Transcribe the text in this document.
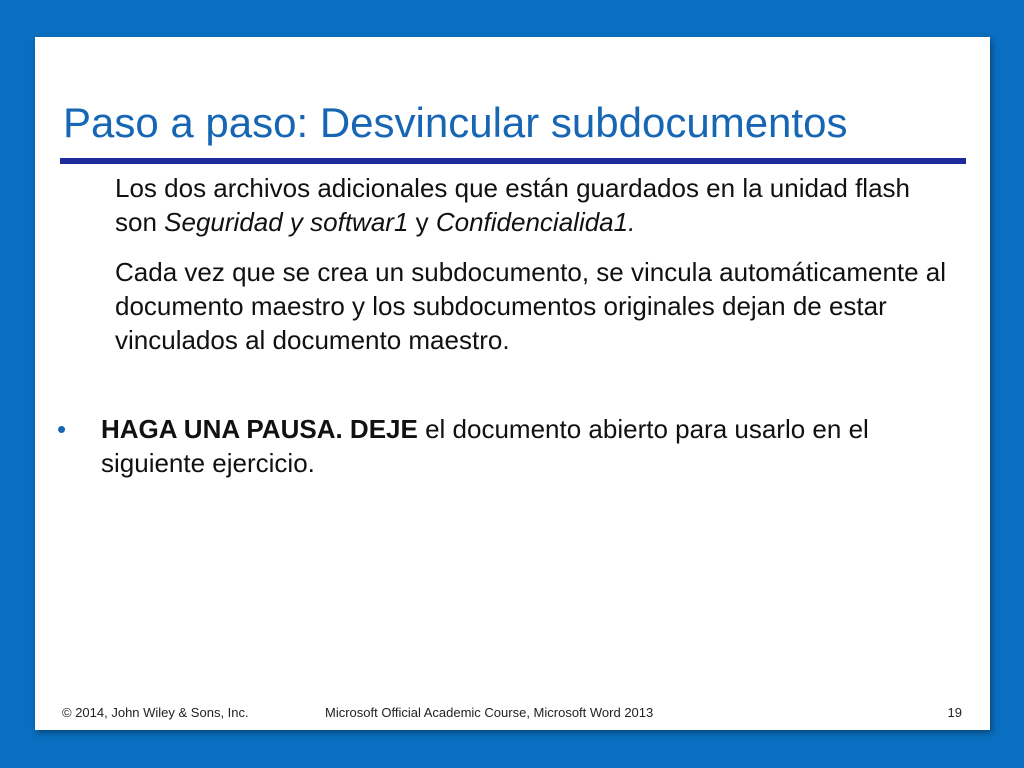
Paso a paso: Desvincular subdocumentos

Los dos archivos adicionales que están guardados en la unidad flash son Seguridad y softwar1 y Confidencialida1.

Cada vez que se crea un subdocumento, se vincula automáticamente al documento maestro y los subdocumentos originales dejan de estar vinculados al documento maestro.

• HAGA UNA PAUSA. DEJE el documento abierto para usarlo en el siguiente ejercicio.

© 2014, John Wiley & Sons, Inc.	Microsoft Official Academic Course, Microsoft Word 2013	19
